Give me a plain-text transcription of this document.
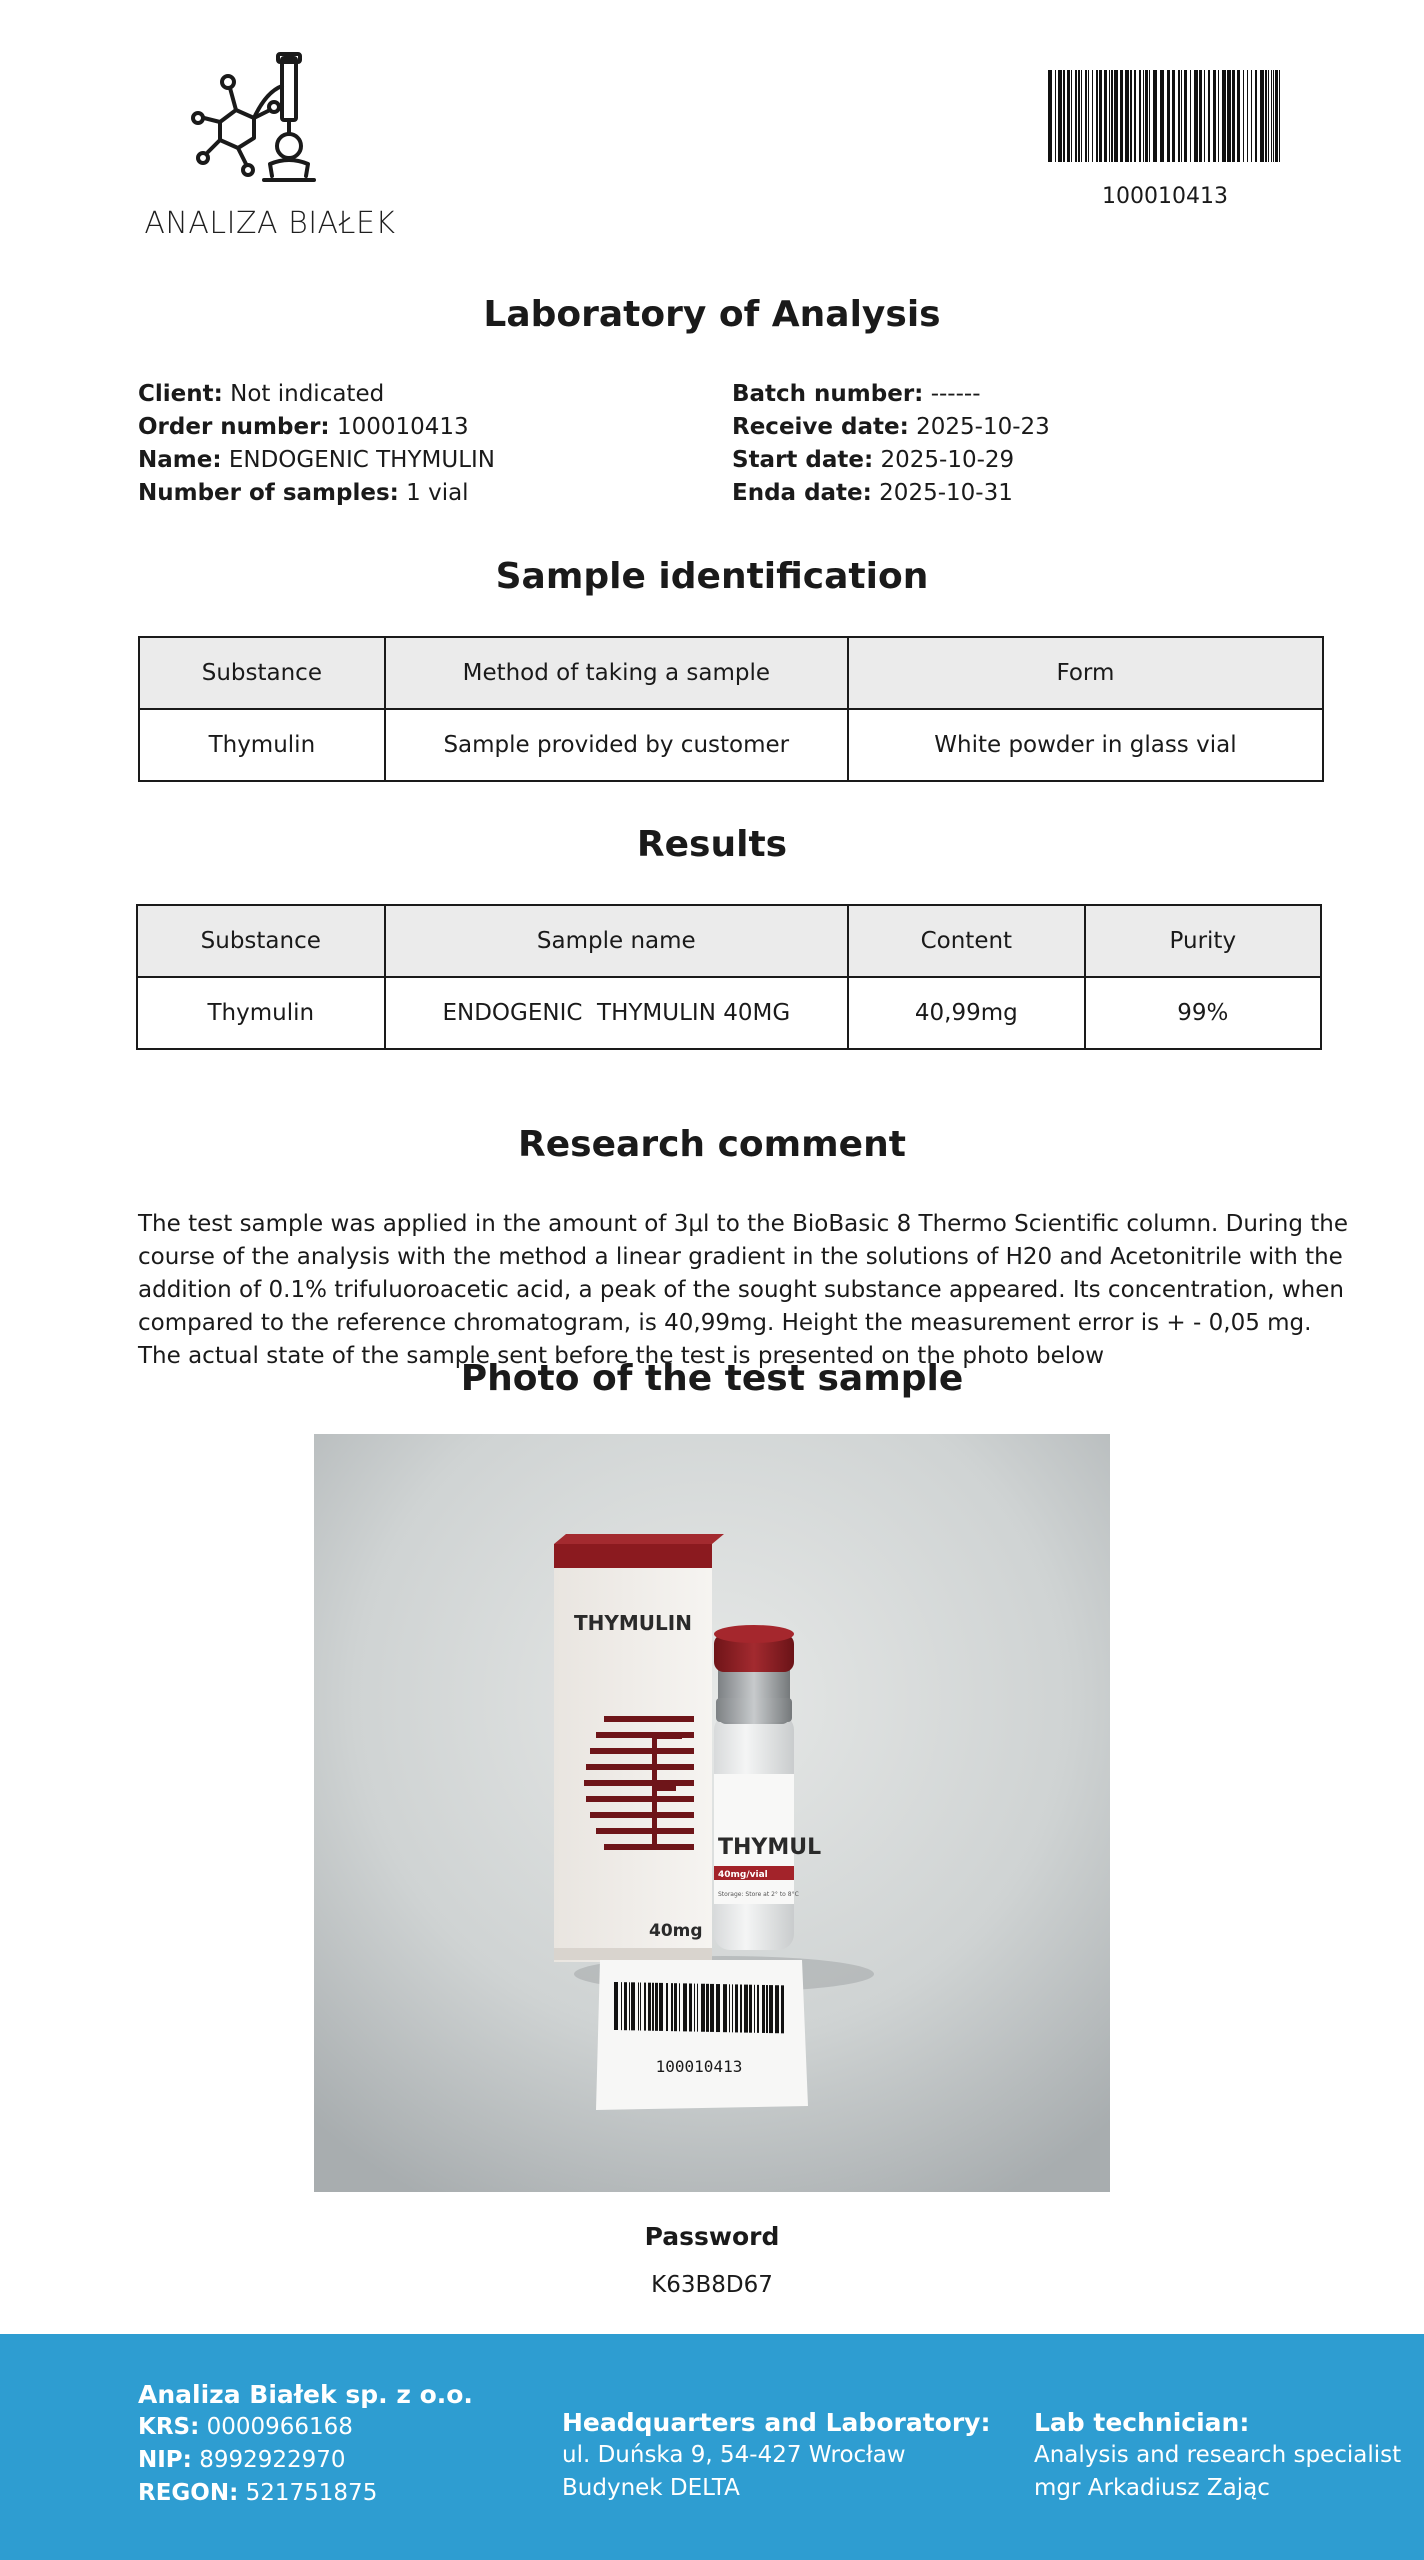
ANALIZA BIAŁEK
100010413
Laboratory of Analysis
Client: Not indicated
Order number: 100010413
Name: ENDOGENIC THYMULIN
Number of samples: 1 vial
Batch number: ------
Receive date: 2025-10-23
Start date: 2025-10-29
Enda date: 2025-10-31
Sample identification
Substance	Method of taking a sample	Form
Thymulin	Sample provided by customer	White powder in glass vial
Results
Substance	Sample name	Content	Purity
Thymulin	ENDOGENIC  THYMULIN 40MG	40,99mg	99%
Research comment
The test sample was applied in the amount of 3μl to the BioBasic 8 Thermo Scientific column. During the course of the analysis with the method a linear gradient in the solutions of H20 and Acetonitrile with the addition of 0.1% trifuluoroacetic acid, a peak of the sought substance appeared. Its concentration, when compared to the reference chromatogram, is 40,99mg. Height the measurement error is + - 0,05 mg. The actual state of the sample sent before the test is presented on the photo below
Photo of the test sample
THYMULIN
40mg
THYMUL
40mg/vial
Storage: Store at 2° to 8°C
100010413
Password
K63B8D67
Analiza Białek sp. z o.o.
KRS: 0000966168
NIP: 8992922970
REGON: 521751875
Headquarters and Laboratory:
ul. Duńska 9, 54-427 Wrocław
Budynek DELTA
Lab technician:
Analysis and research specialist
mgr Arkadiusz Zając
